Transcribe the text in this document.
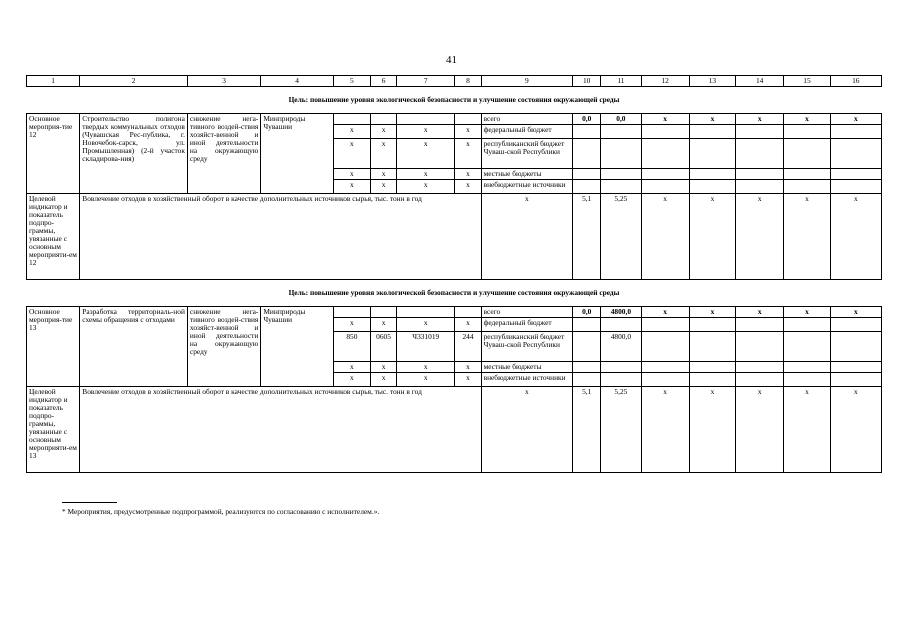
41
1	2	3	4	5	6	7	8	9	10	11	12	13	14	15	16
Цель: повышение уровня экологической безопасности и улучшение состояния окружающей среды															
Основное мероприя-тие 12	Строительство полигона твердых коммунальных отходов (Чувашская Рес-публика, г. Новочебок-сарск, ул. Промышленная) (2-й участок складирова-ния)	снижение нега-тивного воздей-ствия хозяйст-венной и иной деятельности на окружающую среду	Минприроды Чувашии					всего	0,0	0,0	x	x	x	x	x
				x	x	x	x	федеральный бюджет							
				x	x	x	x	республиканский бюджет Чуваш-ской Республики							
				x	x	x	x	местные бюджеты							
				x	x	x	x	внебюджетные источники							
Целевой индикатор и показатель подпро-граммы, увязанные с основным мероприяти-ем 12	Вовлечение отходов в хозяйственный оборот в качестве дополнительных источников сырья, тыс. тонн в год							x	5,1	5,25	x	x	x	x	x
Цель: повышение уровня экологической безопасности и улучшение состояния окружающей среды															
Основное мероприя-тие 13	Разработка территориаль-ной схемы обращения с отходами	снижение нега-тивного воздей-ствия хозяйст-венной и иной деятельности на окружающую среду	Минприроды Чувашии					всего	0,0	4800,0	x	x	x	x	x
				x	x	x	x	федеральный бюджет							
				850	0605	Ч331019	244	республиканский бюджет Чуваш-ской Республики		4800,0					
				x	x	x	x	местные бюджеты							
				x	x	x	x	внебюджетные источники							
Целевой индикатор и показатель подпро-граммы, увязанные с основным мероприяти-ем 13	Вовлечение отходов в хозяйственный оборот в качестве дополнительных источников сырья, тыс. тонн в год							x	5,1	5,25	x	x	x	x	x
* Мероприятия, предусмотренные подпрограммой, реализуются по согласованию с исполнителем.».
